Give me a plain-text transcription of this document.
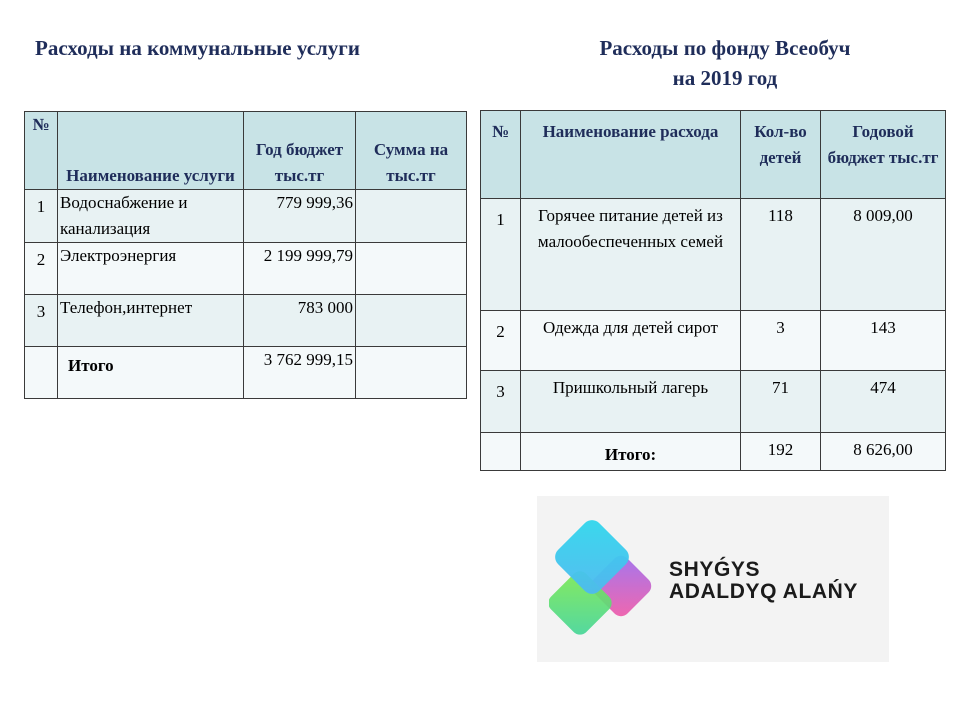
Расходы на коммунальные услуги	Расходы по фонду Всеобуч
на 2019 год
№	Наименование услуги	Год бюджет тыс.тг	Сумма на тыс.тг
1	Водоснабжение и канализация	779 999,36	
2	Электроэнергия	2 199 999,79	
3	Телефон,интернет	783 000	
	Итого	3 762 999,15	
№	Наименование расхода	Кол-во детей	Годовой бюджет тыс.тг
1	Горячее питание детей из малообеспеченных семей	118	8 009,00
2	Одежда для детей сирот	3	143
3	Пришкольный лагерь	71	474
	Итого:	192	8 626,00
SHYǴYS
ADALDYQ ALAŃY
